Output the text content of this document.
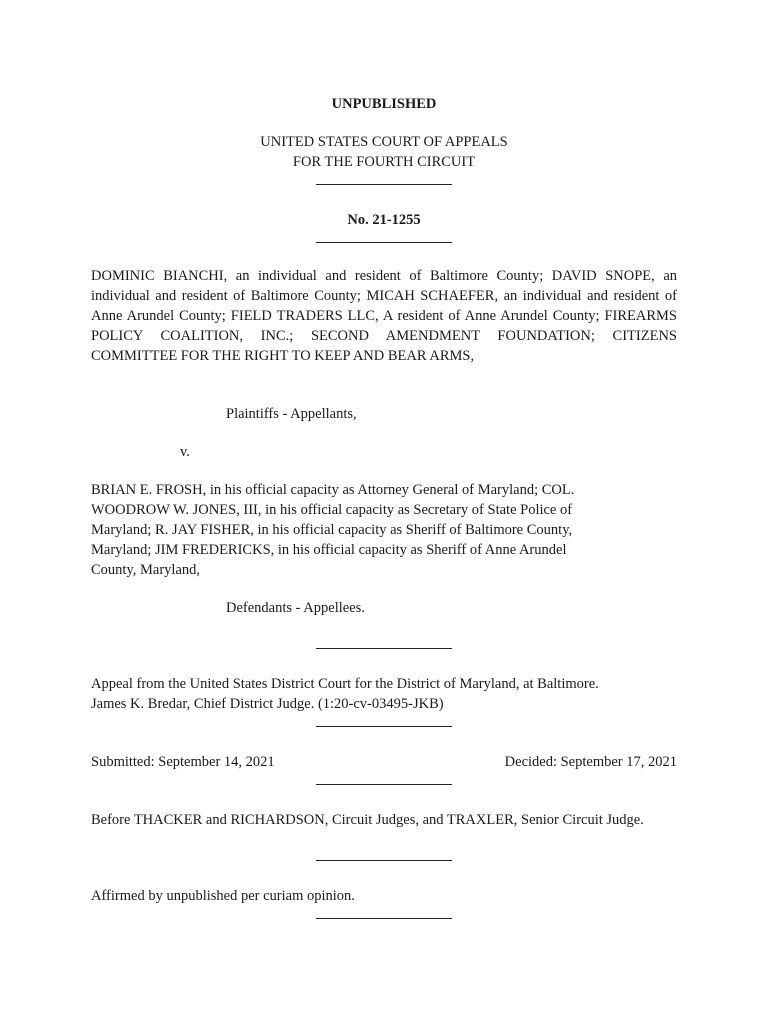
UNPUBLISHED
UNITED STATES COURT OF APPEALS
FOR THE FOURTH CIRCUIT
No. 21-1255
DOMINIC BIANCHI, an individual and resident of Baltimore County; DAVID SNOPE, an individual and resident of Baltimore County; MICAH SCHAEFER, an individual and resident of Anne Arundel County; FIELD TRADERS LLC, A resident of Anne Arundel County; FIREARMS POLICY COALITION, INC.; SECOND AMENDMENT FOUNDATION; CITIZENS COMMITTEE FOR THE RIGHT TO KEEP AND BEAR ARMS,
Plaintiffs - Appellants,
v.
BRIAN E. FROSH, in his official capacity as Attorney General of Maryland; COL.
WOODROW W. JONES, III, in his official capacity as Secretary of State Police of
Maryland; R. JAY FISHER, in his official capacity as Sheriff of Baltimore County,
Maryland; JIM FREDERICKS, in his official capacity as Sheriff of Anne Arundel
County, Maryland,
Defendants - Appellees.
Appeal from the United States District Court for the District of Maryland, at Baltimore.
James K. Bredar, Chief District Judge. (1:20-cv-03495-JKB)
Submitted: September 14, 2021	Decided: September 17, 2021
Before THACKER and RICHARDSON, Circuit Judges, and TRAXLER, Senior Circuit Judge.
Affirmed by unpublished per curiam opinion.
